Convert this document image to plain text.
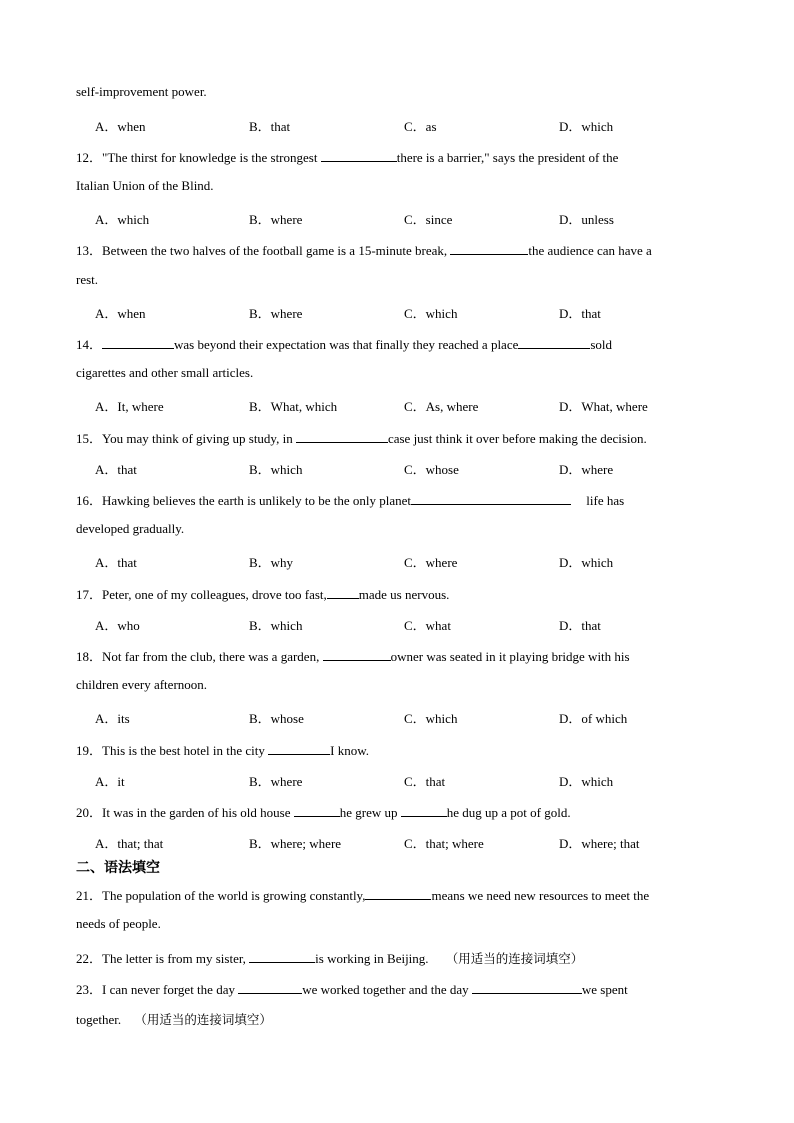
self-improvement power.
A．when	B．that	C．as	D．which
12．"The thirst for knowledge is the strongest	there is a barrier," says the president of the
Italian Union of the Blind.
A．which	B．where	C．since	D．unless
13．Between the two halves of the football game is a 15-minute break,	the audience can have a
rest.
A．when	B．where	C．which	D．that
14．	was beyond their expectation was that finally they reached a place	sold
cigarettes and other small articles.
A．It, where	B．What, which	C．As, where	D．What, where
15．You may think of giving up study, in	case just think it over before making the decision.
A．that	B．which	C．whose	D．where
16．Hawking believes the earth is unlikely to be the only planet	life has
developed gradually.
A．that	B．why	C．where	D．which
17．Peter, one of my colleagues, drove too fast, made us nervous.
A．who	B．which	C．what	D．that
18．Not far from the club, there was a garden,	owner was seated in it playing bridge with his
children every afternoon.
A．its	B．whose	C．which	D．of which
19．This is the best hotel in the city	I know.
A．it	B．where	C．that	D．which
20．It was in the garden of his old house	he grew up	he dug up a pot of gold.
A．that; that	B．where; where	C．that; where	D．where; that
二、语法填空
21．The population of the world is growing constantly,	means we need new resources to meet the
needs of people.
22．The letter is from my sister,	is working in Beijing. （用适当的连接词填空）
23．I can never forget the day	we worked together and the day	we spent
together. （用适当的连接词填空）
